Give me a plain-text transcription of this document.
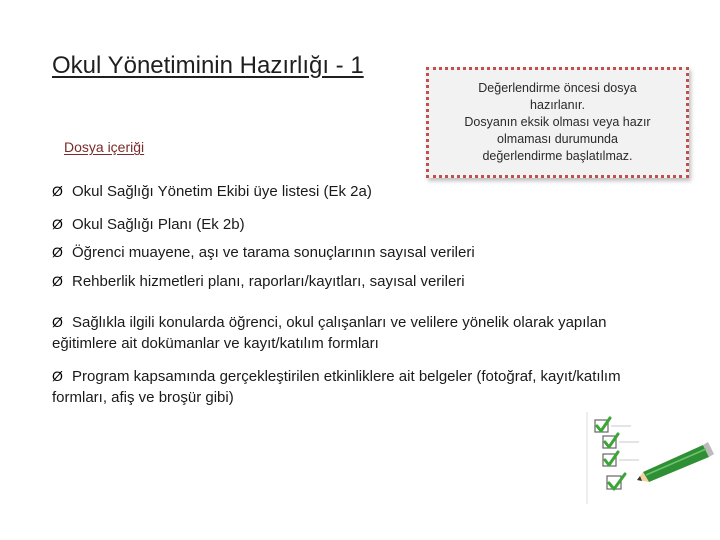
Okul Yönetiminin Hazırlığı - 1
Dosya içeriği
Değerlendirme öncesi dosya
hazırlanır.
Dosyanın eksik olması veya hazır
olmaması durumunda
değerlendirme başlatılmaz.
Ø Okul Sağlığı Yönetim Ekibi üye listesi (Ek 2a)
Ø Okul Sağlığı Planı (Ek 2b)
Ø Öğrenci muayene, aşı ve tarama sonuçlarının sayısal verileri
Ø Rehberlik hizmetleri planı, raporları/kayıtları, sayısal verileri
Ø Sağlıkla ilgili konularda öğrenci, okul çalışanları ve velilere yönelik olarak yapılan eğitimlere ait dokümanlar ve kayıt/katılım formları
Ø Program kapsamında gerçekleştirilen etkinliklere ait belgeler (fotoğraf, kayıt/katılım formları, afiş ve broşür gibi)
